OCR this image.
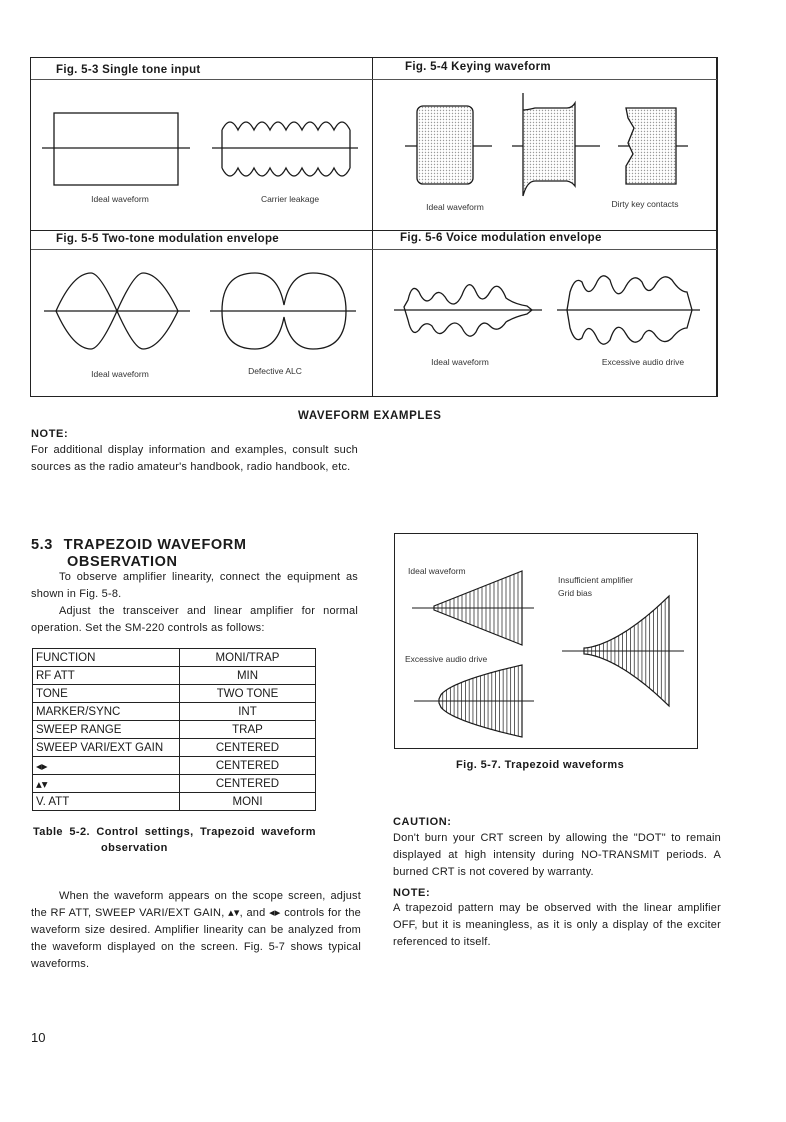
Fig. 5-3 Single tone input	Fig. 5-4 Keying waveform
Fig. 5-5 Two-tone modulation envelope	Fig. 5-6 Voice modulation envelope
Ideal waveform	Carrier leakage
Ideal waveform	Dirty key contacts
Ideal waveform	Defective ALC
Ideal waveform	Excessive audio drive
WAVEFORM EXAMPLES
NOTE:
For additional display information and examples, consult such sources as the radio amateur's handbook, radio handbook, etc.
5.3 TRAPEZOID WAVEFORM
OBSERVATION
To observe amplifier linearity, connect the equipment as shown in Fig. 5-8.
Adjust the transceiver and linear amplifier for normal operation. Set the SM-220 controls as follows:
FUNCTION	MONI/TRAP
RF ATT	MIN
TONE	TWO TONE
MARKER/SYNC	INT
SWEEP RANGE	TRAP
SWEEP VARI/EXT GAIN	CENTERED
◂▸	CENTERED
▴▾	CENTERED
V. ATT	MONI
Table 5-2. Control settings, Trapezoid waveform
observation
When the waveform appears on the scope screen, adjust the RF ATT, SWEEP VARI/EXT GAIN, ▴▾, and ◂▸ controls for the waveform size desired. Amplifier linearity can be analyzed from the waveform displayed on the screen. Fig. 5-7 shows typical waveforms.
Ideal waveform
Insufficient amplifier
Grid bias
Excessive audio drive
Fig. 5-7. Trapezoid waveforms
CAUTION:
Don't burn your CRT screen by allowing the "DOT" to remain displayed at high intensity during NO-TRANSMIT periods. A burned CRT is not covered by warranty.
NOTE:
A trapezoid pattern may be observed with the linear amplifier OFF, but it is meaningless, as it is only a display of the exciter referenced to itself.
10
